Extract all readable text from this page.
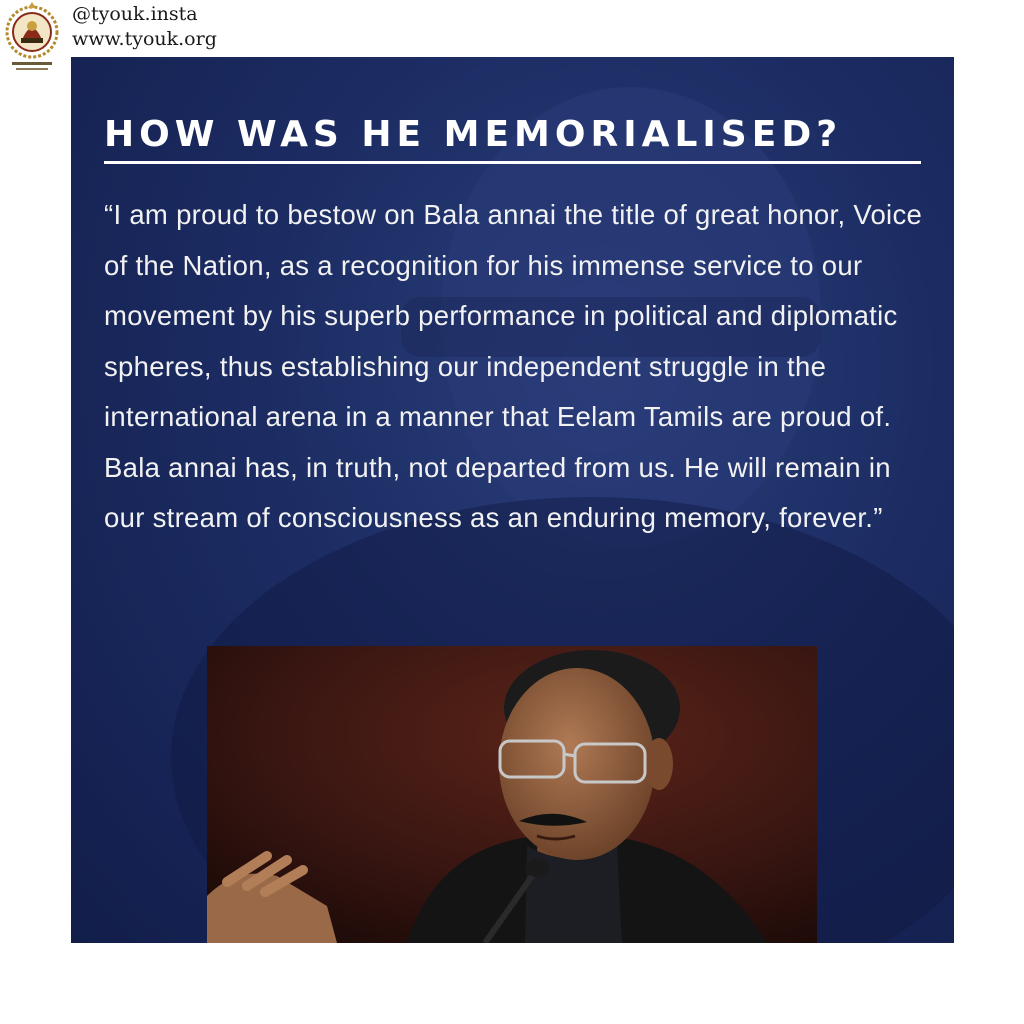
@tyouk.insta
www.tyouk.org
HOW WAS HE MEMORIALISED?

“I am proud to bestow on Bala annai the title of great honor, Voice of the Nation, as a recognition for his immense service to our movement by his superb performance in political and diplomatic spheres, thus establishing our independent struggle in the international arena in a manner that Eelam Tamils are proud of. Bala annai has, in truth, not departed from us. He will remain in our stream of consciousness as an enduring memory, forever.”
